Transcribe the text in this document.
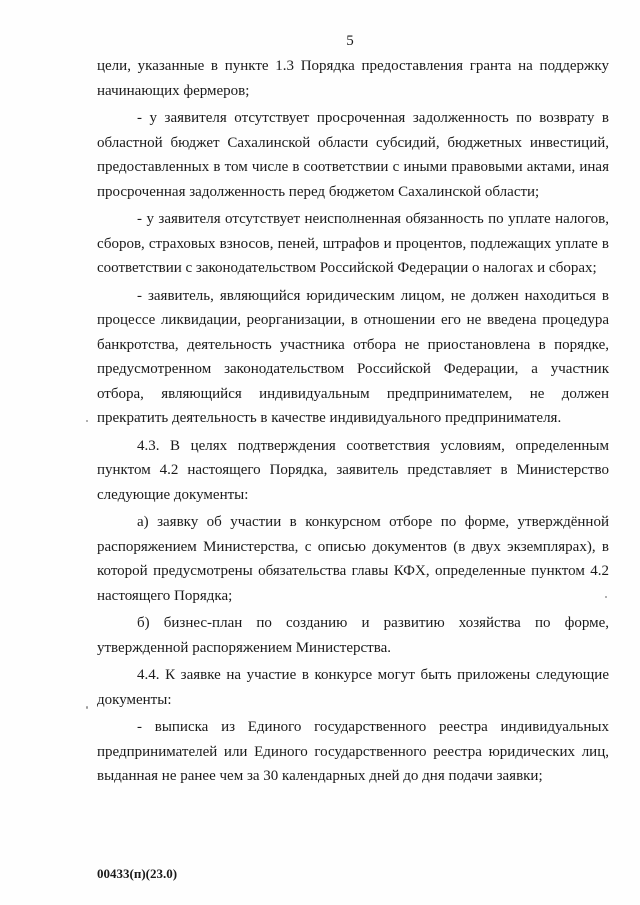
5

цели, указанные в пункте 1.3 Порядка предоставления гранта на поддержку начинающих фермеров;

- у заявителя отсутствует просроченная задолженность по возврату в областной бюджет Сахалинской области субсидий, бюджетных инвестиций, предоставленных в том числе в соответствии с иными правовыми актами, иная просроченная задолженность перед бюджетом Сахалинской области;

- у заявителя отсутствует неисполненная обязанность по уплате налогов, сборов, страховых взносов, пеней, штрафов и процентов, подлежащих уплате в соответствии с законодательством Российской Федерации о налогах и сборах;

- заявитель, являющийся юридическим лицом, не должен находиться в процессе ликвидации, реорганизации, в отношении его не введена процедура банкротства, деятельность участника отбора не приостановлена в порядке, предусмотренном законодательством Российской Федерации, а участник отбора, являющийся индивидуальным предпринимателем, не должен прекратить деятельность в качестве индивидуального предпринимателя.

4.3. В целях подтверждения соответствия условиям, определенным пунктом 4.2 настоящего Порядка, заявитель представляет в Министерство следующие документы:

а) заявку об участии в конкурсном отборе по форме, утверждённой распоряжением Министерства, с описью документов (в двух экземплярах), в которой предусмотрены обязательства главы КФХ, определенные пунктом 4.2 настоящего Порядка;

б) бизнес-план по созданию и развитию хозяйства по форме, утвержденной распоряжением Министерства.

4.4. К заявке на участие в конкурсе могут быть приложены следующие документы:

- выписка из Единого государственного реестра индивидуальных предпринимателей или Единого государственного реестра юридических лиц, выданная не ранее чем за 30 календарных дней до дня подачи заявки;

00433(п)(23.0)
